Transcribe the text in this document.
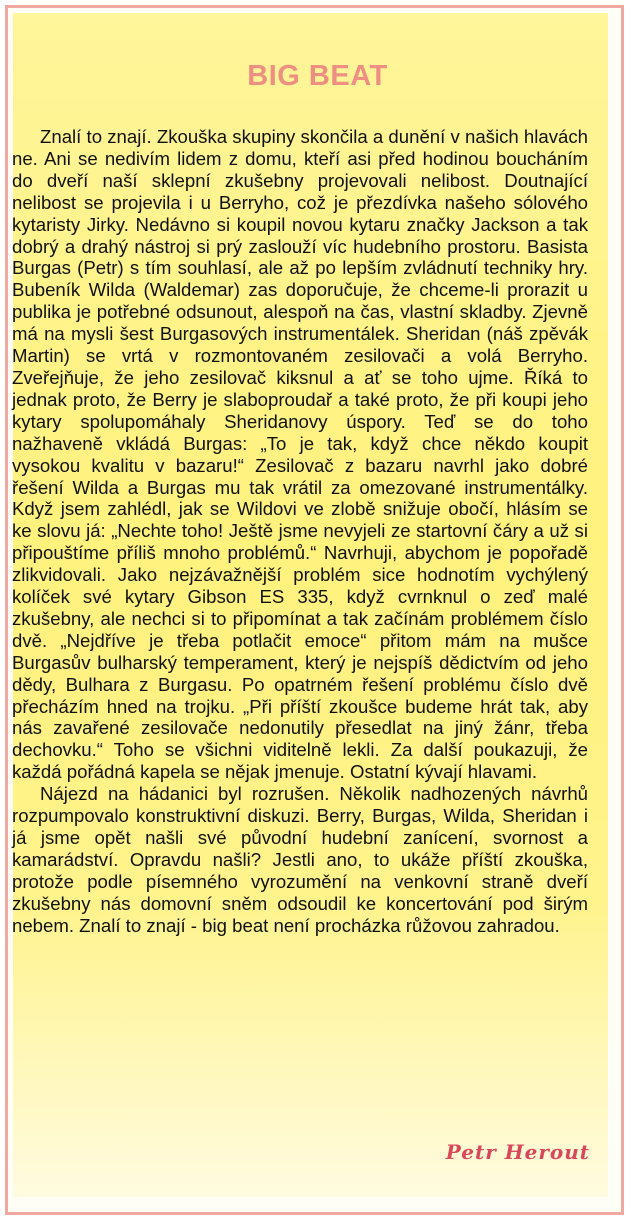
BIG BEAT

Znalí to znají. Zkouška skupiny skončila a dunění v našich hlavách ne. Ani se nedivím lidem z domu, kteří asi před hodinou boucháním do dveří naší sklepní zkušebny projevovali nelibost. Doutnající nelibost se projevila i u Berryho, což je přezdívka našeho sólového kytaristy Jirky. Nedávno si koupil novou kytaru značky Jackson a tak dobrý a drahý nástroj si prý zaslouží víc hudebního prostoru. Basista Burgas (Petr) s tím souhlasí, ale až po lepším zvládnutí techniky hry. Bubeník Wilda (Waldemar) zas doporučuje, že chceme-li prorazit u publika je potřebné odsunout, alespoň na čas, vlastní skladby. Zjevně má na mysli šest Burgasových instrumentálek. Sheridan (náš zpěvák Martin) se vrtá v rozmontovaném zesilovači a volá Berryho. Zveřejňuje, že jeho zesilovač kiksnul a ať se toho ujme. Říká to jednak proto, že Berry je slaboproudař a také proto, že při koupi jeho kytary spolupomáhaly Sheridanovy úspory. Teď se do toho nažhaveně vkládá Burgas: „To je tak, když chce někdo koupit vysokou kvalitu v bazaru!“ Zesilovač z bazaru navrhl jako dobré řešení Wilda a Burgas mu tak vrátil za omezované instrumentálky. Když jsem zahlédl, jak se Wildovi ve zlobě snižuje obočí, hlásím se ke slovu já: „Nechte toho! Ještě jsme nevyjeli ze startovní čáry a už si připouštíme příliš mnoho problémů.“ Navrhuji, abychom je popořadě zlikvidovali. Jako nejzávažnější problém sice hodnotím vychýlený kolíček své kytary Gibson ES 335, když cvrnknul o zeď malé zkušebny, ale nechci si to připomínat a tak začínám problémem číslo dvě. „Nejdříve je třeba potlačit emoce“ přitom mám na mušce Burgasův bulharský temperament, který je nejspíš dědictvím od jeho dědy, Bulhara z Burgasu. Po opatrném řešení problému číslo dvě přecházím hned na trojku. „Při příští zkoušce budeme hrát tak, aby nás zavařené zesilovače nedonutily přesedlat na jiný žánr, třeba dechovku.“ Toho se všichni viditelně lekli. Za další poukazuji, že každá pořádná kapela se nějak jmenuje. Ostatní kývají hlavami.

Nájezd na hádanici byl rozrušen. Několik nadhozených návrhů rozpumpovalo konstruktivní diskuzi. Berry, Burgas, Wilda, Sheridan i já jsme opět našli své původní hudební zanícení, svornost a kamarádství. Opravdu našli? Jestli ano, to ukáže příští zkouška, protože podle písemného vyrozumění na venkovní straně dveří zkušebny nás domovní sněm odsoudil ke koncertování pod širým nebem. Znalí to znají - big beat není procházka růžovou zahradou.

Petr Herout
